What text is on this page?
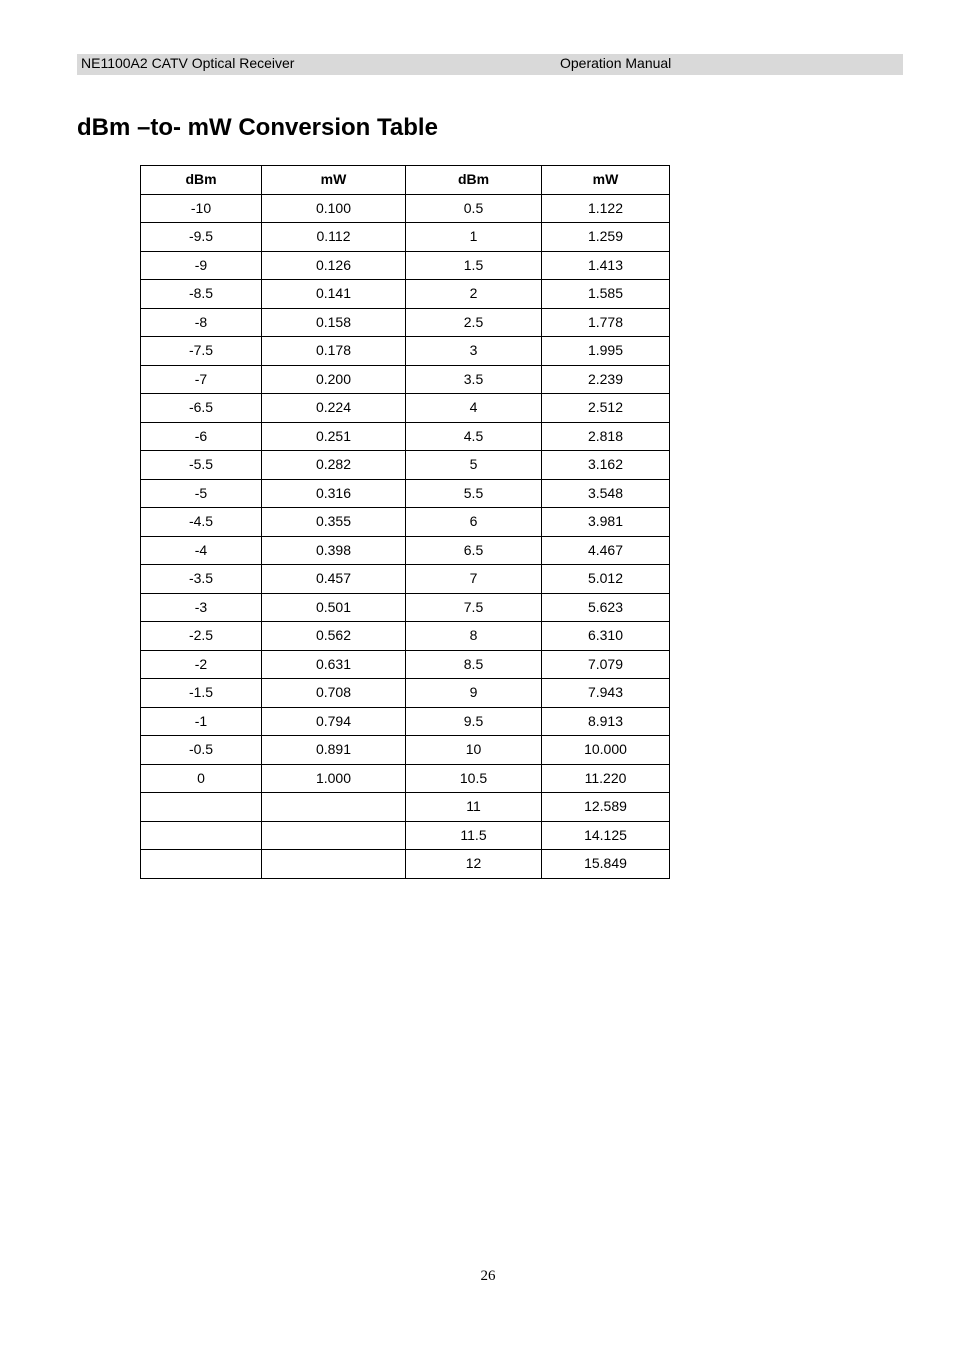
NE1100A2 CATV Optical Receiver	Operation Manual
dBm –to- mW Conversion Table
dBm	mW	dBm	mW
-10	0.100	0.5	1.122
-9.5	0.112	1	1.259
-9	0.126	1.5	1.413
-8.5	0.141	2	1.585
-8	0.158	2.5	1.778
-7.5	0.178	3	1.995
-7	0.200	3.5	2.239
-6.5	0.224	4	2.512
-6	0.251	4.5	2.818
-5.5	0.282	5	3.162
-5	0.316	5.5	3.548
-4.5	0.355	6	3.981
-4	0.398	6.5	4.467
-3.5	0.457	7	5.012
-3	0.501	7.5	5.623
-2.5	0.562	8	6.310
-2	0.631	8.5	7.079
-1.5	0.708	9	7.943
-1	0.794	9.5	8.913
-0.5	0.891	10	10.000
0	1.000	10.5	11.220
		11	12.589
		11.5	14.125
		12	15.849
26
